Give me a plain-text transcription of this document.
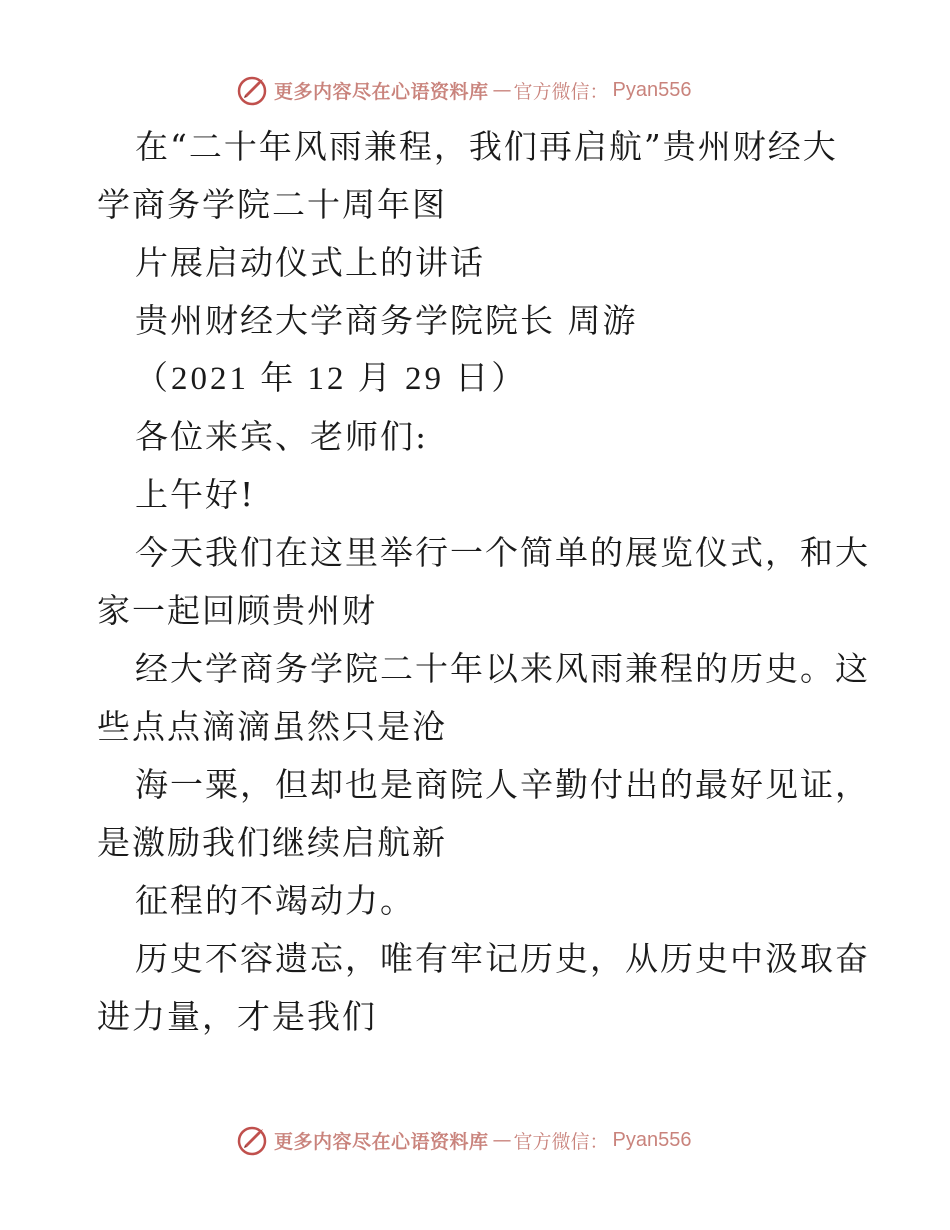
更多内容尽在心语资料库 — 官方微信： Pyan556
在“二十年风雨兼程，我们再启航”贵州财经大
学商务学院二十周年图
片展启动仪式上的讲话
贵州财经大学商务学院院长 周游
（2021 年 12 月 29 日）
各位来宾、老师们:
上午好!
今天我们在这里举行一个简单的展览仪式，和大
家一起回顾贵州财
经大学商务学院二十年以来风雨兼程的历史。这
些点点滴滴虽然只是沧
海一粟，但却也是商院人辛勤付出的最好见证，
是激励我们继续启航新
征程的不竭动力。
历史不容遗忘，唯有牢记历史，从历史中汲取奋
进力量，才是我们
更多内容尽在心语资料库 — 官方微信： Pyan556
